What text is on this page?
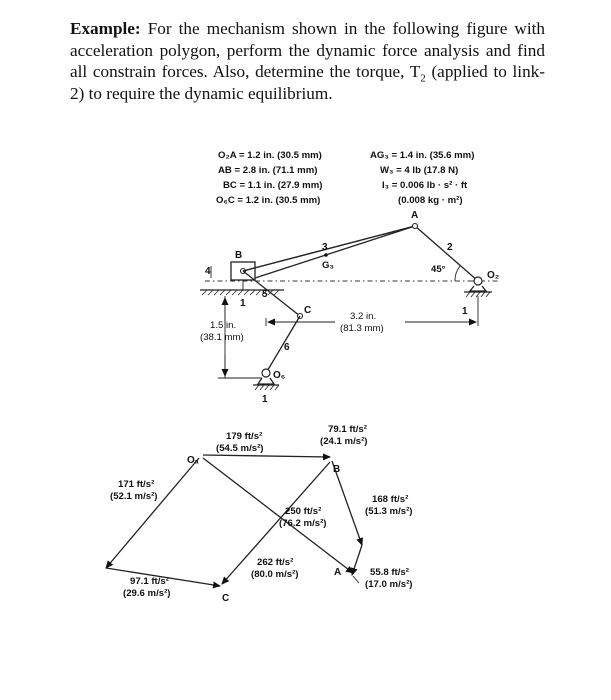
Example: For the mechanism shown in the following figure with acceleration polygon, perform the dynamic force analysis and find all constrain forces. Also, determine the torque, $T_2$ (applied to link-2) to require the dynamic equilibrium.

O₂A = 1.2 in. (30.5 mm)
AB = 2.8 in. (71.1 mm)
BC = 1.1 in. (27.9 mm)
O₆C = 1.2 in. (30.5 mm)
AG₃ = 1.4 in. (35.6 mm)
W₃ = 4 lb (17.8 N)
I₃ = 0.006 lb · s² · ft
(0.008 kg · m²)
A
B
C
2
3
G₃
4
5
6
1
1
1
O₂
O₆
45°
1.5 in.
(38.1 mm)
3.2 in.
(81.3 mm)
Oₐ
B
C
A
179 ft/s²
(54.5 m/s²)
79.1 ft/s²
(24.1 m/s²)
171 ft/s²
(52.1 m/s²)	168 ft/s²
(51.3 m/s²)
250 ft/s²
(76.2 m/s²)
262 ft/s²
(80.0 m/s²)
97.1 ft/s²
(29.6 m/s²)
55.8 ft/s²
(17.0 m/s²)
